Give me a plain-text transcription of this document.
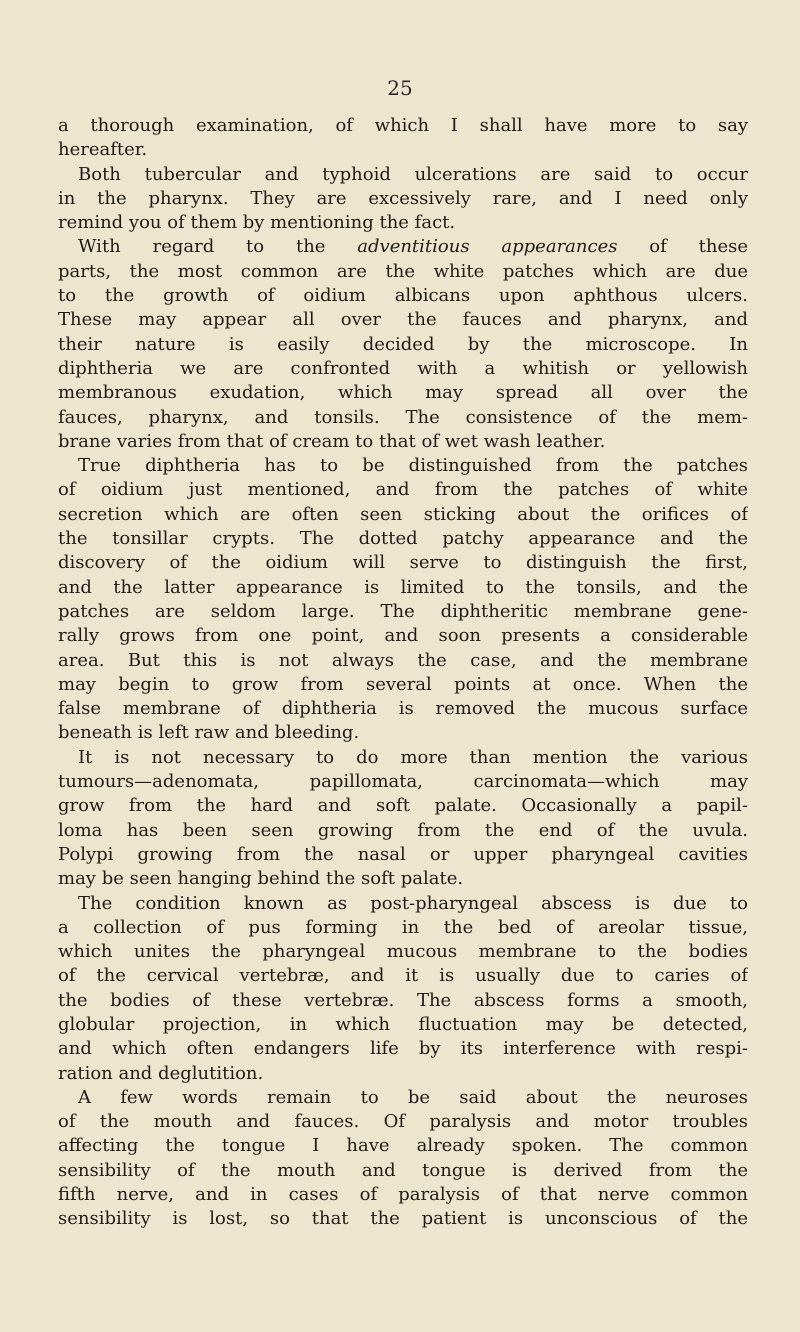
25
a thorough examination, of which I shall have more to say
hereafter.
Both tubercular and typhoid ulcerations are said to occur
in the pharynx. They are excessively rare, and I need only
remind you of them by mentioning the fact.
With regard to the adventitious appearances of these
parts, the most common are the white patches which are due
to the growth of oidium albicans upon aphthous ulcers.
These may appear all over the fauces and pharynx, and
their nature is easily decided by the microscope. In
diphtheria we are confronted with a whitish or yellowish
membranous exudation, which may spread all over the
fauces, pharynx, and tonsils. The consistence of the mem-
brane varies from that of cream to that of wet wash leather.
True diphtheria has to be distinguished from the patches
of oidium just mentioned, and from the patches of white
secretion which are often seen sticking about the orifices of
the tonsillar crypts. The dotted patchy appearance and the
discovery of the oidium will serve to distinguish the first,
and the latter appearance is limited to the tonsils, and the
patches are seldom large. The diphtheritic membrane gene-
rally grows from one point, and soon presents a considerable
area. But this is not always the case, and the membrane
may begin to grow from several points at once. When the
false membrane of diphtheria is removed the mucous surface
beneath is left raw and bleeding.
It is not necessary to do more than mention the various
tumours—adenomata, papillomata, carcinomata—which may
grow from the hard and soft palate. Occasionally a papil-
loma has been seen growing from the end of the uvula.
Polypi growing from the nasal or upper pharyngeal cavities
may be seen hanging behind the soft palate.
The condition known as post-pharyngeal abscess is due to
a collection of pus forming in the bed of areolar tissue,
which unites the pharyngeal mucous membrane to the bodies
of the cervical vertebræ, and it is usually due to caries of
the bodies of these vertebræ. The abscess forms a smooth,
globular projection, in which fluctuation may be detected,
and which often endangers life by its interference with respi-
ration and deglutition.
A few words remain to be said about the neuroses
of the mouth and fauces. Of paralysis and motor troubles
affecting the tongue I have already spoken. The common
sensibility of the mouth and tongue is derived from the
fifth nerve, and in cases of paralysis of that nerve common
sensibility is lost, so that the patient is unconscious of the
